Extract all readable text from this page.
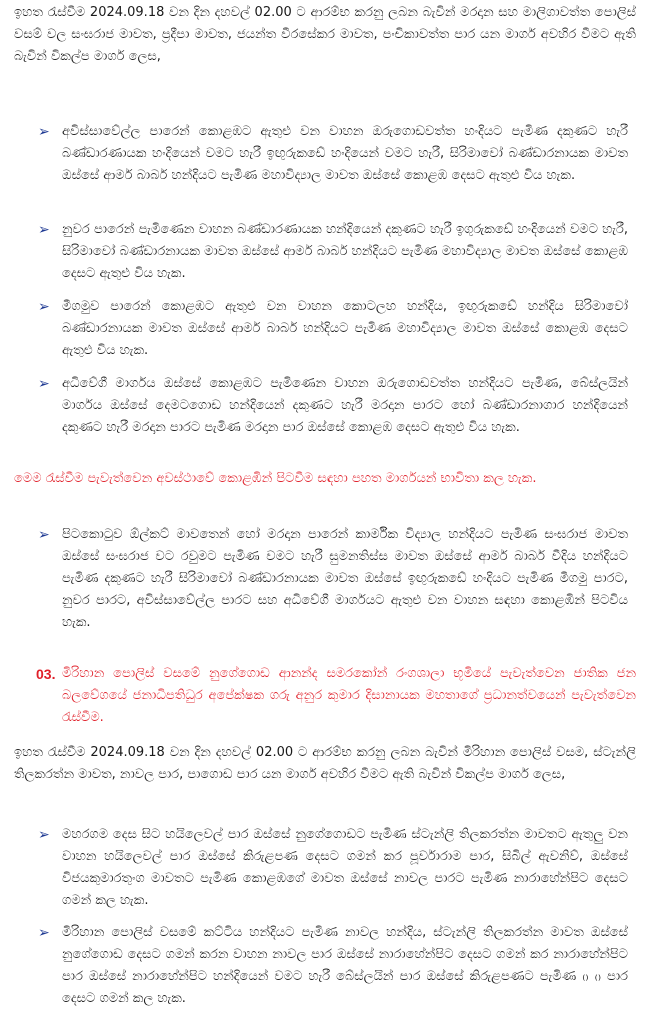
ඉහත රැස්වීම 2024.09.18 වන දින දහවල් 02.00 ට ආරම්භ කරනු ලබන බැවින් මරදාන සහ මාලිගාවත්ත පොලිස් වසම් වල සංඝරාජ මාවත, ප්‍රදීපා මාවත, ජයන්ත වීරසේකර මාවත, පංචිකාවත්ත පාර යන මාර්ග අවහිර වීමට ඇති බැවින් විකල්ප මාර්ග ලෙස,

➢ අවිස්සාවේල්ල පාරෙන් කොළඹට ඇතුළු වන වාහන ඔරුගොඩවත්ත හංදියට පැමිණ දකුණට හැරී බණ්ඩාරණායක හංදියෙන් වමට හැරී ඉඟුරුකඩේ හංදියෙන් වමට හැරී, සිරිමාවෝ බණ්ඩාරනායක මාවත ඔස්සේ ආමර් බාබර් හන්දියට පැමිණ මහාවිද්‍යාල මාවත ඔස්සේ කොළඹ දෙසට ඇතුළු විය හැක.

➢ නුවර පාරෙන් පැමිණෙන වාහන බණ්ඩාරණායක හන්දියෙන් දකුණට හැරී ඉගුරුකඩේ හංදියෙන් වමට හැරී, සිරිමාවෝ බණ්ඩාරනායක මාවත ඔස්සේ ආමර් බාබර් හන්දියට පැමිණ මහාවිද්‍යාල මාවත ඔස්සේ කොළඹ දෙසට ඇතුළු විය හැක.

➢ මීගමුව පාරෙන් කොළඹට ඇතුළු වන වාහන කොටලහ හන්දිය, ඉඟුරුකඩේ හන්දිය සිරිමාවෝ බණ්ඩාරනායක මාවත ඔස්සේ ආමර් බාබර් හන්දියට පැමිණ මහාවිද්‍යාල මාවත ඔස්සේ කොළඹ දෙසට ඇතුළු විය හැක.

➢ අධිවේගී මාර්ගය ඔස්සේ කොළඹට පැමිණෙන වාහන ඔරුගොඩවත්ත හන්දියට පැමිණ, බේස්ලයින් මාර්ගය ඔස්සේ දෙමටගොඩ හන්දියෙන් දකුණට හැරී මරදාන පාරට හෝ බණ්ඩාරනාගාර හන්දියෙන් දකුණට හැරී මරදාන පාරට පැමිණ මරදාන පාර ඔස්සේ කොළඹ දෙසට ඇතුළු විය හැක.

මෙම රැස්වීම පැවැත්වෙන අවස්ථාවේ කොළඹින් පිටවීම සඳහා පහත මාර්ගයන් භාවිතා කල හැක.

➢ පිටකොටුව ඕල්කට් මාවතෙන් හෝ මරදාන පාරෙන් කාර්මික විද්‍යාල හන්දියට පැමිණ සංඝරාජ මාවත ඔස්සේ සංඝරාජ වට රවුමට පැමිණ වමට හැරී සුමනතිස්ස මාවත ඔස්සේ ආමර් බාබර් වීදිය හන්දියට පැමිණ දකුණට හැරී සිරිමාවෝ බණ්ඩාරනායක මාවත ඔස්සේ ඉඟුරුකඩේ හංදියට පැමිණ මීගමු පාරට, නුවර පාරට, අවිස්සාවේල්ල පාරට සහ අධිවේගී මාර්ගයට ඇතුළු වන වාහන සඳහා කොළඹින් පිටවිය හැක.

03. මිරිහාන පොලිස් වසමේ නුගේගොඩ ආනන්ද සමරකෝන් රංගශාලා භූමියේ පැවැත්වෙන ජාතික ජන බලවේගයේ ජනාධිපතිධුර අපේක්ෂක ගරු අනුර කුමාර දිසානායක මහතාගේ ප්‍රධානත්වයෙන් පැවැත්වෙන රැස්වීම.

ඉහත රැස්වීම 2024.09.18 වන දින දහවල් 02.00 ට ආරම්භ කරනු ලබන බැවින් මිරිහාන පොලිස් වසම, ස්ටැන්ලි තිලකරත්න මාවත, නාවල පාර, පාගොඩ පාර යන මාර්ග අවහිර වීමට ඇති බැවින් විකල්ප මාර්ග ලෙස,

➢ මහරගම දෙස සිට හයිලෙවල් පාර ඔස්සේ නුගේගොඩට පැමිණ ස්ටැන්ලි තිලකරත්න මාවතට ඇතුලු වන වාහන හයිලෙවල් පාර ඔස්සේ කිරුළපණ දෙසට ගමන් කර පූර්වාරාම පාර, සිබිල් ඇවනිව්, ඔස්සේ විජයකුමාරතුංග මාවතට පැමිණ කොළඹ‌ගේ මාවත ඔස්සේ නාවල පාරට පැමිණ නාරාහේන්පිට දෙසට ගමන් කල හැක.

➢ මිරිහාන පොලිස් වසමේ කට්ටිය හන්දියට පැමිණ නාවල හන්දිය, ස්ටැන්ලි තිලකරත්න මාවත ඔස්සේ නුගේගොඩ දෙසට ගමන් කරන වාහන නාවල පාර ඔස්සේ නාරාහේන්පිට දෙසට ගමන් කර නාරාහේන්පිට පාර ඔස්සේ නාරාහේන්පිට හන්දියෙන් වමට හැරී බේස්ලයින් පාර ඔස්සේ කිරුළපණට පැමිණ ₍₎ ₍₎ පාර දෙසට ගමන් කල හැක.
